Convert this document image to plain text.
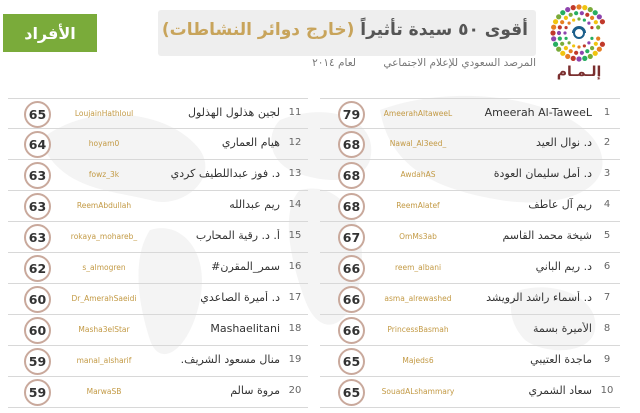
أقوى ٥٠ سيدة تأثيراً (خارج دوائر النشاطات)
المرصد السعودي للإعلام الاجتماعي
لعام ٢٠١٤
إلـمـام
الأفراد
1
Ameerah Al-TaweeL
AmeerahAltaweeL
79
2
د. نوال العيد
Nawal_Al3eed_
68
3
د. أمل سليمان العودة
AwdahAS
68
4
ريم آل عاطف
ReemAlatef
68
5
شيخة محمد القاسم
OmMs3ab
67
6
د. ريم الباني
reem_albani
66
7
د. أسماء راشد الرويشد
asma_alrewashed
66
8
الأميرة بسمة
PrincessBasmah
66
9
ماجدة العتيبي
Majeds6
65
10
سعاد الشمري
SouadALshammary
65
11
لجين هذلول الهذلول
LoujainHathloul
65
12
هيام العماري
hoyam0
64
13
د. فوز عبداللطيف كردي
fowz_3k
63
14
ريم عبدالله
ReemAbdullah
63
15
أ. د. رقية المحارب
rokaya_mohareb_
63
16
سمر_المقرن#
s_almogren
62
17
د. أميرة الصاعدي
Dr_AmerahSaeidi
60
18
Mashaelitani
Masha3elStar
60
19
منال مسعود الشريف.
manal_alsharif
59
20
مروة سالم
MarwaSB
59
